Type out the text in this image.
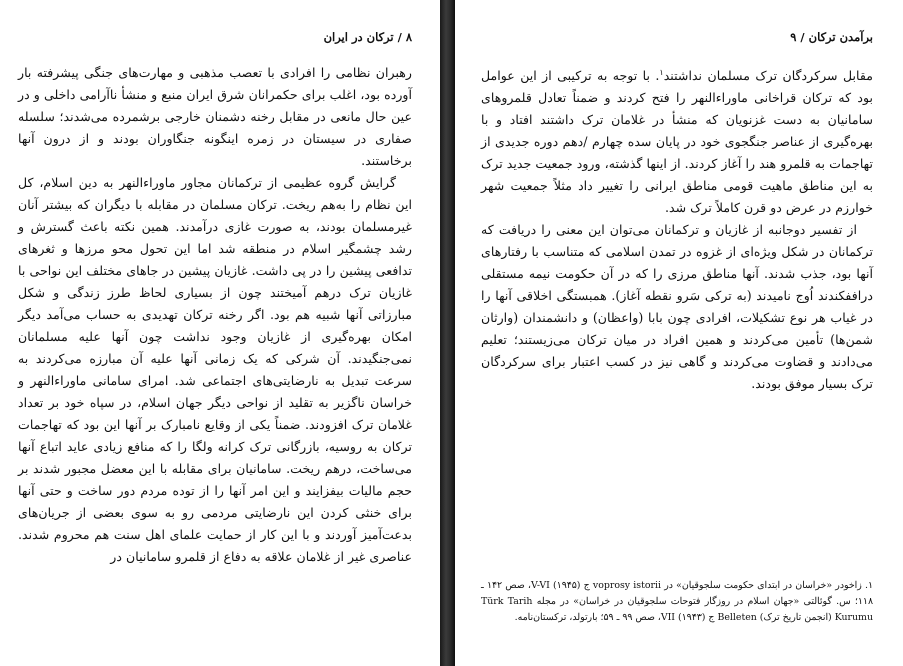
۸ / ترکان در ایران

رهبران نظامی را افرادی با تعصب مذهبی و مهارت‌های جنگی پیشرفته بار آورده بود، اغلب برای حکمرانان شرق ایران منبع و منشأ ناآرامی داخلی و در عین حال مانعی در مقابل رخنه دشمنان خارجی برشمرده می‌شدند؛ سلسله صفاری در سیستان در زمره اینگونه جنگاوران بودند و از درون آنها برخاستند.

گرایش گروه عظیمی از ترکمانان مجاور ماوراءالنهر به دین اسلام، کل این نظام را به‌هم ریخت. ترکان مسلمان در مقابله با دیگران که بیشتر آنان غیرمسلمان بودند، به صورت غازی درآمدند. همین نکته باعث گسترش و رشد چشمگیر اسلام در منطقه شد اما این تحول محو مرزها و ثغرهای تدافعی پیشین را در پی داشت. غازیان پیشین در جاهای مختلف این نواحی با غازیان ترک درهم آمیختند چون از بسیاری لحاظ طرز زندگی و شکل مبارزاتی آنها شبیه هم بود. اگر رخنه ترکان تهدیدی به حساب می‌آمد دیگر امکان بهره‌گیری از غازیان وجود نداشت چون آنها علیه مسلمانان نمی‌جنگیدند. آن شرکی که یک زمانی آنها علیه آن مبارزه می‌کردند به سرعت تبدیل به نارضایتی‌های اجتماعی شد. امرای سامانی ماوراءالنهر و خراسان ناگزیر به تقلید از نواحی دیگر جهان اسلام، در سپاه خود بر تعداد غلامان ترک افزودند. ضمناً یکی از وقایع نامبارک بر آنها این بود که تهاجمات ترکان به روسیه، بازرگانی ترک کرانه ولگا را که منافع زیادی عاید اتباع آنها می‌ساخت، درهم ریخت. سامانیان برای مقابله با این معضل مجبور شدند بر حجم مالیات بیفزایند و این امر آنها را از توده مردم دور ساخت و حتی آنها برای خنثی کردن این نارضایتی مردمی رو به سوی بعضی از جریان‌های بدعت‌آمیز آوردند و با این کار از حمایت علمای اهل سنت هم محروم شدند. عناصری غیر از غلامان علاقه به دفاع از قلمرو سامانیان در

برآمدن ترکان / ۹

مقابل سرکردگان ترک مسلمان نداشتند$^۱$. با توجه به ترکیبی از این عوامل بود که ترکان قراخانی ماوراءالنهر را فتح کردند و ضمناً تعادل قلمروهای سامانیان به دست غزنویان که منشأ در غلامان ترک داشتند افتاد و با بهره‌گیری از عناصر جنگجوی خود در پایان سده چهارم /دهم دوره جدیدی از تهاجمات به قلمرو هند را آغاز کردند. از اینها گذشته، ورود جمعیت جدید ترک به این مناطق ماهیت قومی مناطق ایرانی را تغییر داد مثلاً جمعیت شهر خوارزم در عرض دو قرن کاملاً ترک شد.

از تفسیر دوجانبه از غازیان و ترکمانان می‌توان این معنی را دریافت که ترکمانان در شکل ویژه‌ای از غزوه در تمدن اسلامی که متناسب با رفتارهای آنها بود، جذب شدند. آنها مناطق مرزی را که در آن حکومت نیمه مستقلی دراففکندند اُوج نامیدند (به ترکی سَرو نقطه آغاز). همبستگی اخلاقی آنها را در غیاب هر نوع تشکیلات، افرادی چون بابا (واعظان) و دانشمندان (وارثان شمن‌ها) تأمین می‌کردند و همین افراد در میان ترکان می‌زیستند؛ تعلیم می‌دادند و قضاوت می‌کردند و گاهی نیز در کسب اعتبار برای سرکردگان ترک بسیار موفق بودند.

۱. زاخودر «خراسان در ابتدای حکومت سلجوقیان» در voprosy istorii ج V-VI (۱۹۴۵)، صص ۱۴۲ ـ ۱۱۸؛ س. گوئالتی «جهان اسلام در روزگار فتوحات سلجوقیان در خراسان» در مجله Türk Tarih Kurumu (انجمن تاریخ ترک) Belleten ج VII (۱۹۴۳)، صص ۹۹ ـ ۵۹؛ بارتولد، ترکستان‌نامه.
